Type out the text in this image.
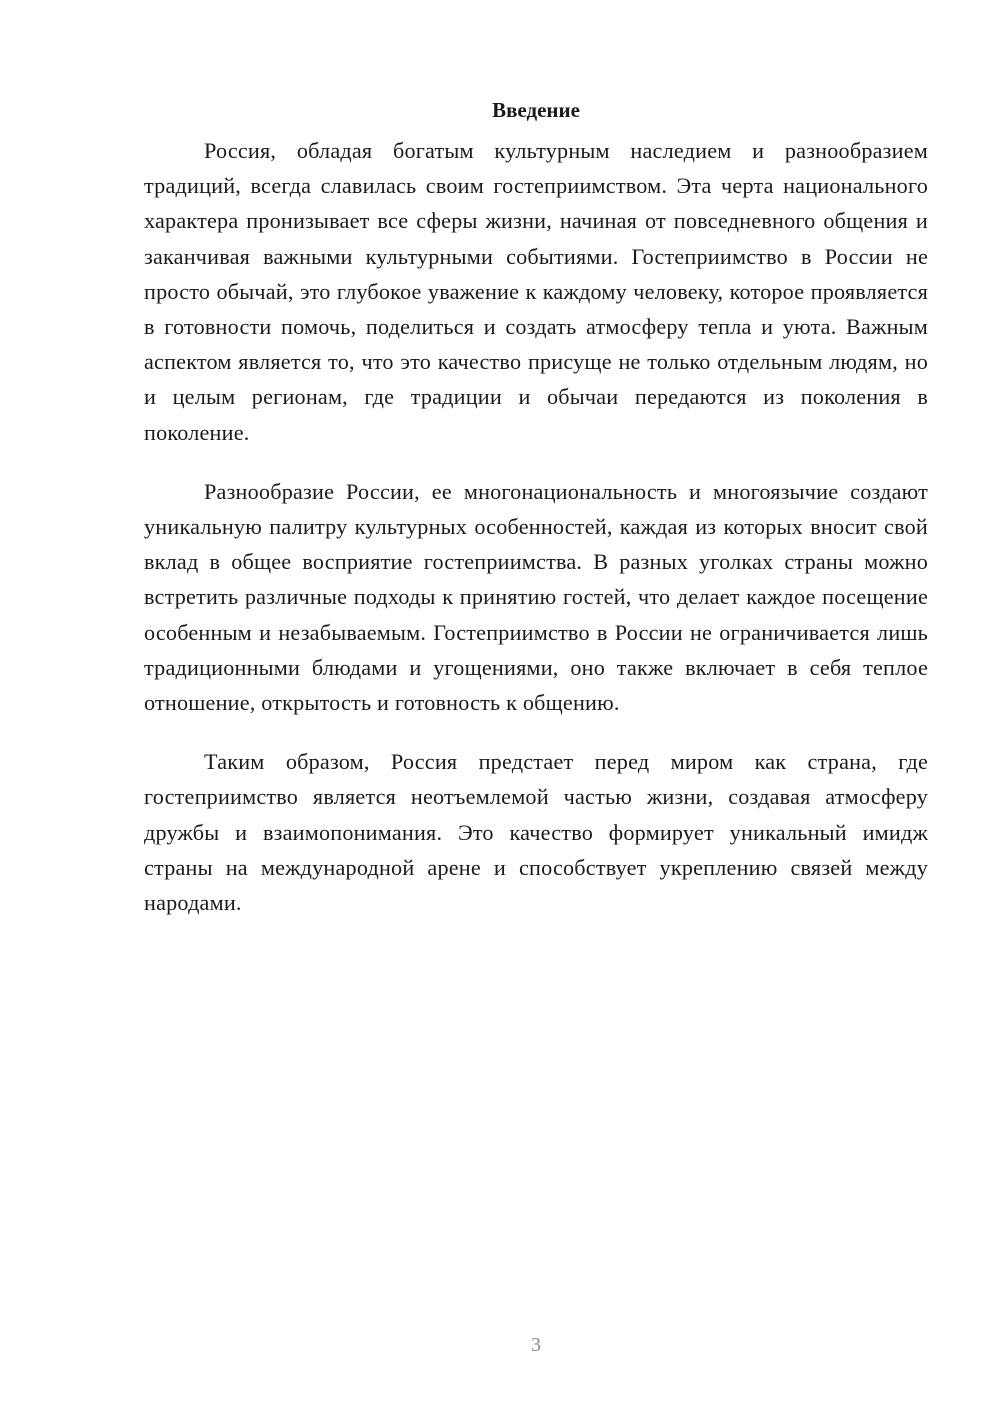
Введение

Россия, обладая богатым культурным наследием и разнообразием традиций, всегда славилась своим гостеприимством. Эта черта национального характера пронизывает все сферы жизни, начиная от повседневного общения и заканчивая важными культурными событиями. Гостеприимство в России не просто обычай, это глубокое уважение к каждому человеку, которое проявляется в готовности помочь, поделиться и создать атмосферу тепла и уюта. Важным аспектом является то, что это качество присуще не только отдельным людям, но и целым регионам, где традиции и обычаи передаются из поколения в поколение.

Разнообразие России, ее многонациональность и многоязычие создают уникальную палитру культурных особенностей, каждая из которых вносит свой вклад в общее восприятие гостеприимства. В разных уголках страны можно встретить различные подходы к принятию гостей, что делает каждое посещение особенным и незабываемым. Гостеприимство в России не ограничивается лишь традиционными блюдами и угощениями, оно также включает в себя теплое отношение, открытость и готовность к общению.

Таким образом, Россия предстает перед миром как страна, где гостеприимство является неотъемлемой частью жизни, создавая атмосферу дружбы и взаимопонимания. Это качество формирует уникальный имидж страны на международной арене и способствует укреплению связей между народами.

3
